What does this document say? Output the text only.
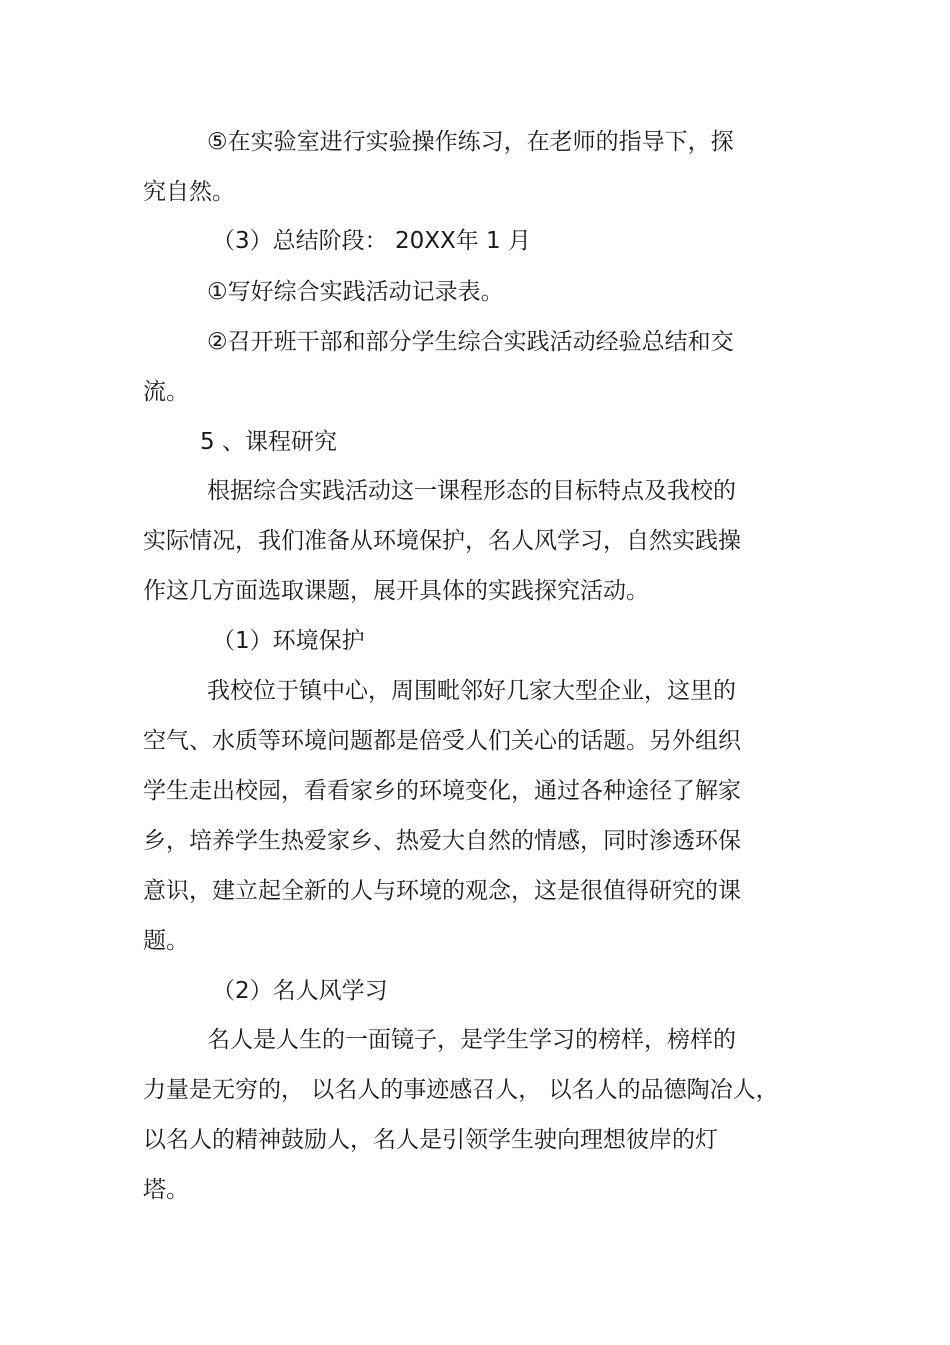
⑤在实验室进行实验操作练习，在老师的指导下，探

究自然。

（3）总结阶段： 20XX年 1 月

①写好综合实践活动记录表。

②召开班干部和部分学生综合实践活动经验总结和交

流。

5 、课程研究

根据综合实践活动这一课程形态的目标特点及我校的

实际情况，我们准备从环境保护，名人风学习，自然实践操

作这几方面选取课题，展开具体的实践探究活动。

（1）环境保护

我校位于镇中心，周围毗邻好几家大型企业，这里的

空气、水质等环境问题都是倍受人们关心的话题。另外组织

学生走出校园，看看家乡的环境变化，通过各种途径了解家

乡，培养学生热爱家乡、热爱大自然的情感，同时渗透环保

意识，建立起全新的人与环境的观念，这是很值得研究的课

题。

（2）名人风学习

名人是人生的一面镜子，是学生学习的榜样，榜样的

力量是无穷的， 以名人的事迹感召人， 以名人的品德陶冶人，

以名人的精神鼓励人，名人是引领学生驶向理想彼岸的灯

塔。
